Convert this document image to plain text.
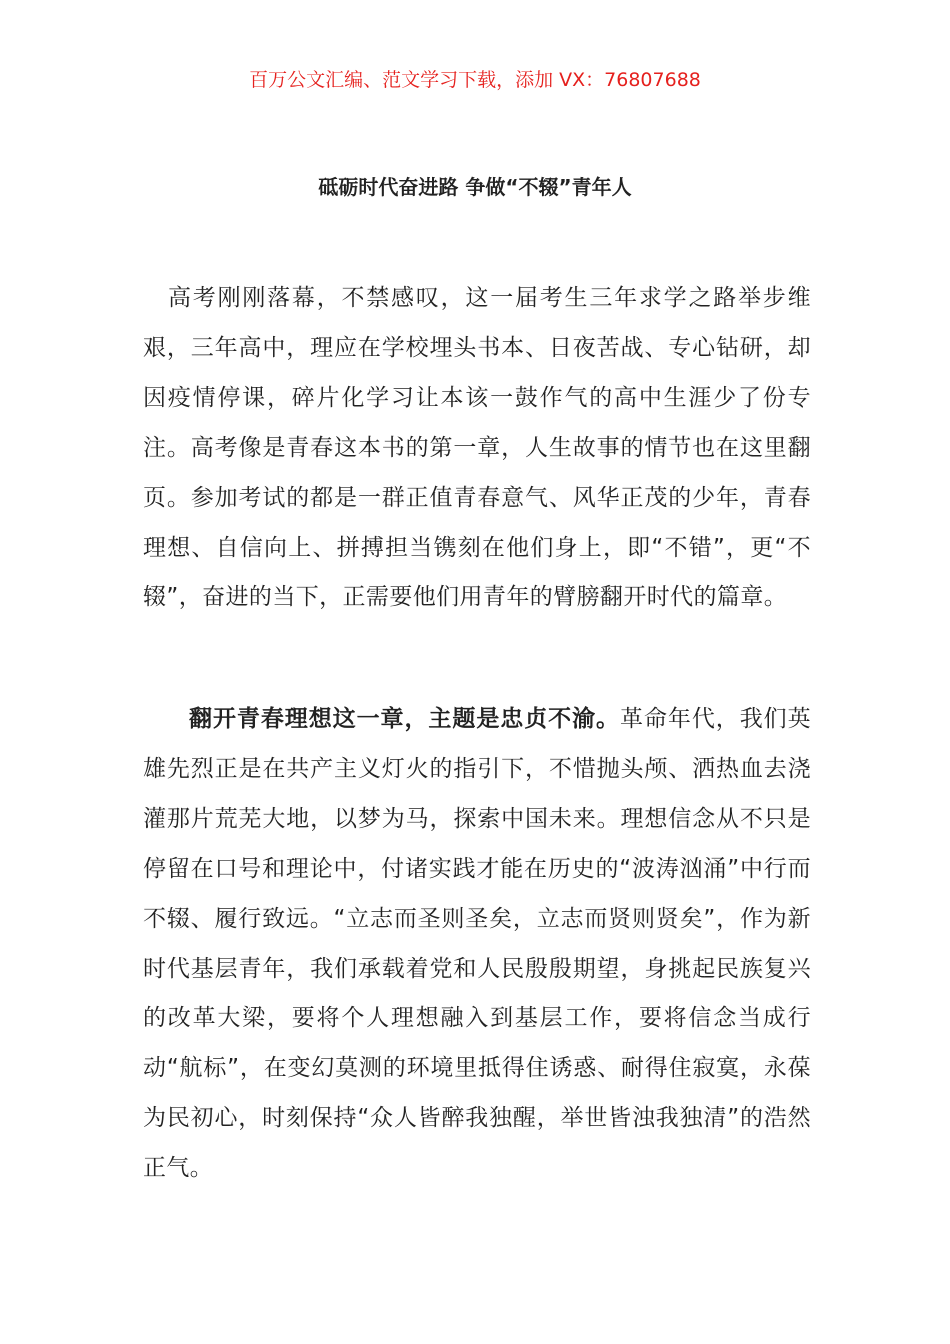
百万公文汇编、范文学习下载，添加 VX：76807688
砥砺时代奋进路 争做“不辍”青年人

高考刚刚落幕，不禁感叹，这一届考生三年求学之路举步维艰，三年高中，理应在学校埋头书本、日夜苦战、专心钻研，却因疫情停课，碎片化学习让本该一鼓作气的高中生涯少了份专注。高考像是青春这本书的第一章，人生故事的情节也在这里翻页。参加考试的都是一群正值青春意气、风华正茂的少年，青春理想、自信向上、拼搏担当镌刻在他们身上，即“不错”，更“不辍”，奋进的当下，正需要他们用青年的臂膀翻开时代的篇章。

翻开青春理想这一章，主题是忠贞不渝。革命年代，我们英雄先烈正是在共产主义灯火的指引下，不惜抛头颅、洒热血去浇灌那片荒芜大地，以梦为马，探索中国未来。理想信念从不只是停留在口号和理论中，付诸实践才能在历史的“波涛汹涌”中行而不辍、履行致远。“立志而圣则圣矣，立志而贤则贤矣”，作为新时代基层青年，我们承载着党和人民殷殷期望，身挑起民族复兴的改革大梁，要将个人理想融入到基层工作，要将信念当成行动“航标”，在变幻莫测的环境里抵得住诱惑、耐得住寂寞，永葆为民初心，时刻保持“众人皆醉我独醒，举世皆浊我独清”的浩然正气。
